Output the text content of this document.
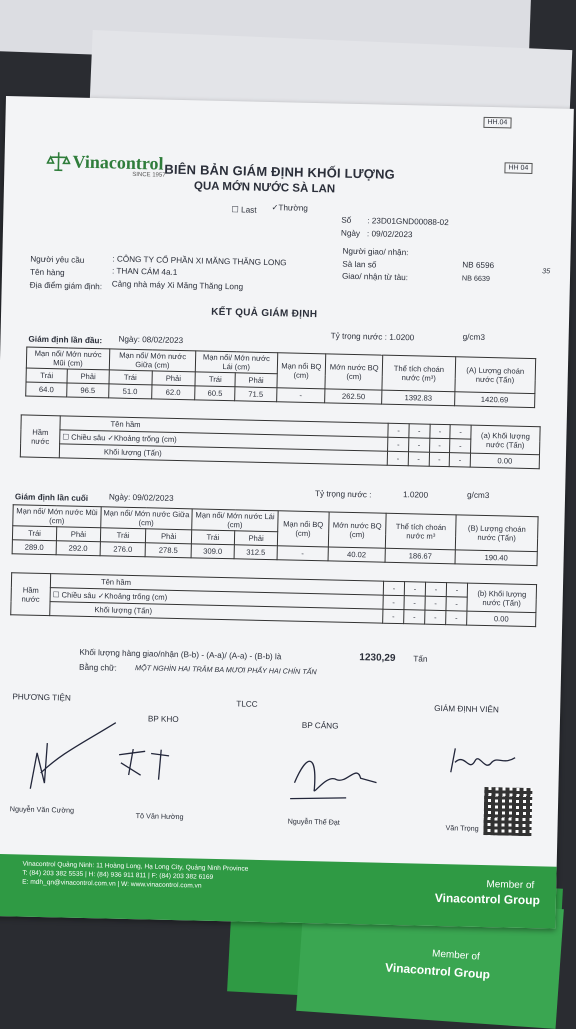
Member of
Vinacontrol Group
HH.04
Vinacontrol
SINCE 1957
BIÊN BẢN GIÁM ĐỊNH KHỐI LƯỢNG
QUA MỚN NƯỚC SÀ LAN
HH 04
☐ Last ✓Thường
Số : 23D01GND00088-02
Ngày : 09/02/2023
Người yêu cầu	: CÔNG TY CỔ PHẦN XI MĂNG THĂNG LONG
Tên hàng	: THAN CÁM 4a.1
Địa điểm giám định: Cảng nhà máy Xi Măng Thăng Long
Người giao/ nhận:
Sà lan số	NB 6596
Giao/ nhận từ tàu:	NB 6639
35
KẾT QUẢ GIÁM ĐỊNH
Giám định lần đầu: Ngày: 08/02/2023	Tỷ trọng nước : 1.0200	g/cm3
Mạn nổi/ Mớn nước Mũi (cm)		Mạn nổi/ Mớn nước Giữa (cm)		Mạn nổi/ Mớn nước Lái (cm)		Mạn nổi BQ (cm)	Mớn nước BQ (cm)	Thể tích choán nước (m³)	(A) Lượng choán nước (Tấn)
Trái	Phải	Trái	Phải	Trái	Phải				
64.0	96.5	51.0	62.0	60.5	71.5	-	262.50	1392.83	1420.69
Hầm nước	Tên hầm	-	-	-	-	(a) Khối lượng nước (Tấn)
	☐ Chiều sâu ✓Khoảng trống (cm)	-	-	-	-	
	Khối lượng (Tấn)	-	-	-	-	0.00
Giám định lần cuối	Ngày: 09/02/2023	Tỷ trọng nước :	1.0200	g/cm3
Mạn nổi/ Mớn nước Mũi (cm)		Mạn nổi/ Mớn nước Giữa (cm)		Mạn nổi/ Mớn nước Lái (cm)		Mạn nổi BQ (cm)	Mớn nước BQ (cm)	Thể tích choán nước m³	(B) Lượng choán nước (Tấn)
Trái	Phải	Trái	Phải	Trái	Phải				
289.0	292.0	276.0	278.5	309.0	312.5	-	40.02	186.67	190.40
Hầm nước	Tên hầm	-	-	-	-	(b) Khối lượng nước (Tấn)
	☐ Chiều sâu ✓Khoảng trống (cm)	-	-	-	-	
	Khối lượng (Tấn)	-	-	-	-	0.00
Khối lượng hàng giao/nhận (B-b) - (A-a)/ (A-a) - (B-b) là	1230,29 Tấn
Bằng chữ:	MỘT NGHÌN HAI TRĂM BA MƯƠI PHẨY HAI CHÍN TẤN
PHƯƠNG TIỆN
TLCC	GIÁM ĐỊNH VIÊN
BP KHO
BP CẢNG
Nguyễn Văn Cường
Tô Văn Hường
Nguyễn Thế Đạt
Văn Trọng
Vinacontrol Quảng Ninh: 11 Hoàng Long, Hạ Long City, Quảng Ninh Province
T: (84) 203 382 5535 | H: (84) 936 911 811 | F: (84) 203 382 6169
E: mdh_qn@vinacontrol.com.vn | W: www.vinacontrol.com.vn	Member of
Vinacontrol Group
